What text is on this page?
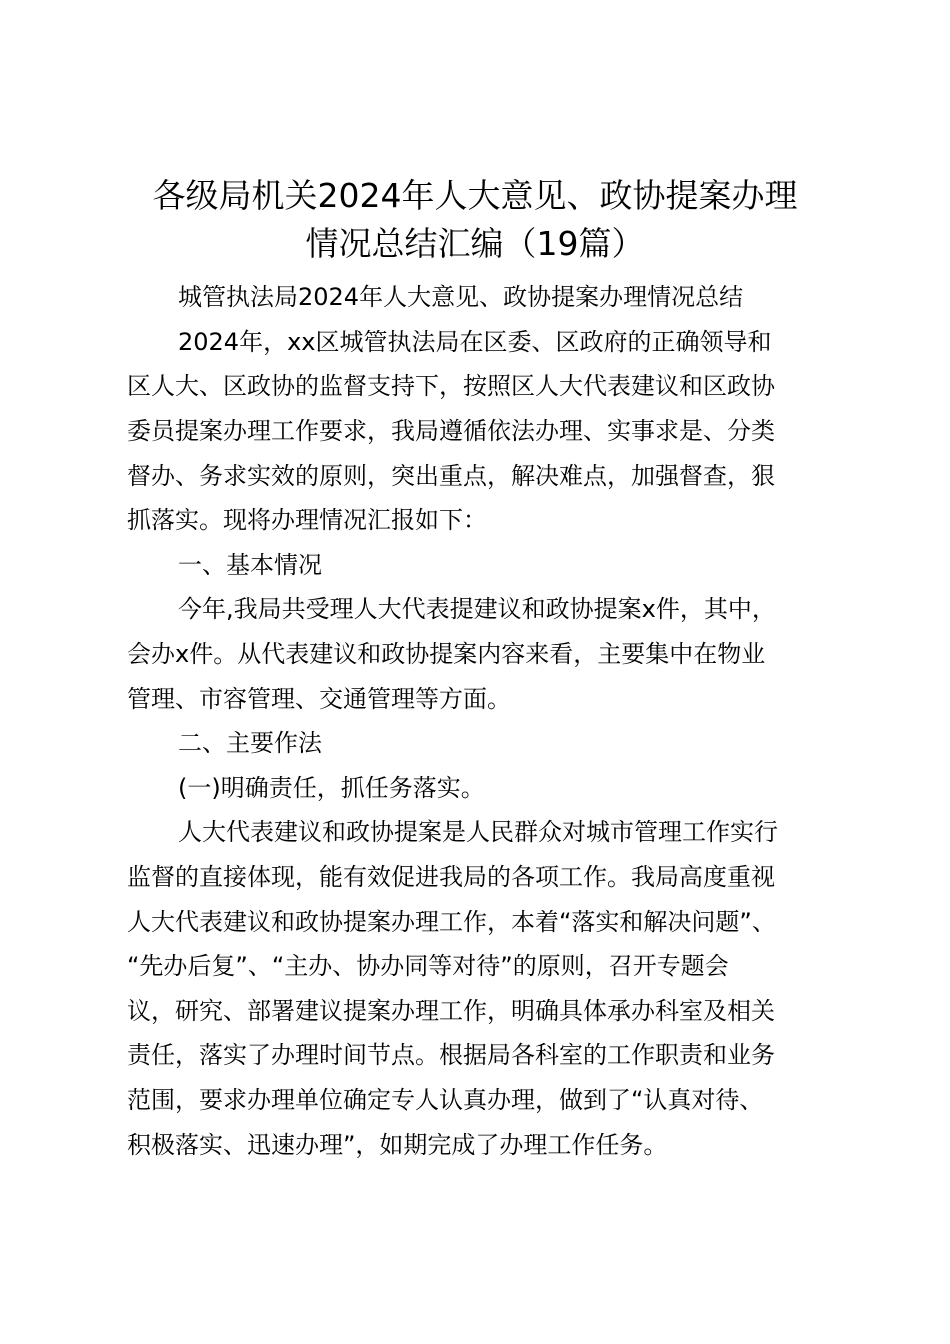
各级局机关2024年人大意见、政协提案办理
情况总结汇编（19篇）
城管执法局2024年人大意见、政协提案办理情况总结
2024年，xx区城管执法局在区委、区政府的正确领导和
区人大、区政协的监督支持下，按照区人大代表建议和区政协
委员提案办理工作要求，我局遵循依法办理、实事求是、分类
督办、务求实效的原则，突出重点，解决难点，加强督查，狠
抓落实。现将办理情况汇报如下：
一、基本情况
今年,我局共受理人大代表提建议和政协提案x件，其中，
会办x件。从代表建议和政协提案内容来看，主要集中在物业
管理、市容管理、交通管理等方面。
二、主要作法
(一)明确责任，抓任务落实。
人大代表建议和政协提案是人民群众对城市管理工作实行
监督的直接体现，能有效促进我局的各项工作。我局高度重视
人大代表建议和政协提案办理工作，本着“落实和解决问题”、
“先办后复”、“主办、协办同等对待”的原则，召开专题会
议，研究、部署建议提案办理工作，明确具体承办科室及相关
责任，落实了办理时间节点。根据局各科室的工作职责和业务
范围，要求办理单位确定专人认真办理，做到了“认真对待、
积极落实、迅速办理”，如期完成了办理工作任务。
